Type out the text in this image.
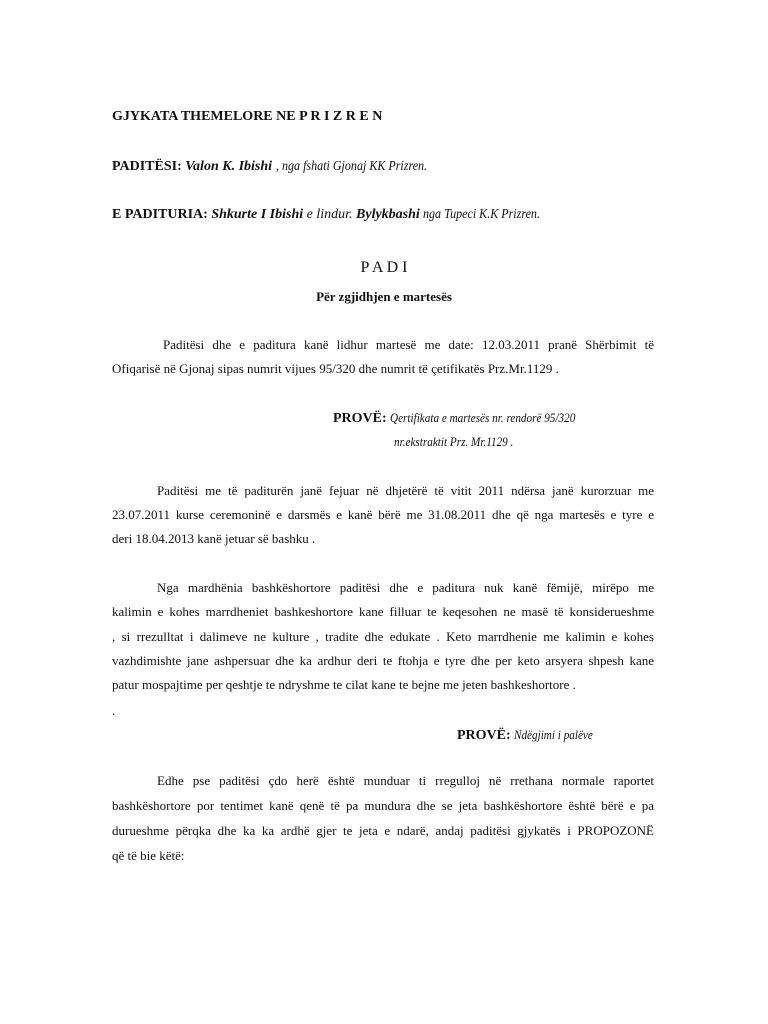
GJYKATA THEMELORE NE P R I Z R E N
PADITËSI: Valon K. Ibishi , nga fshati Gjonaj KK Prizren.
E PADITURIA: Shkurte I Ibishi e lindur. Bylykbashi nga Tupeci K.K Prizren.
P A D I
Për zgjidhjen e martesës
Paditësi dhe e paditura kanë lidhur martesë me date: 12.03.2011 pranë Shërbimit të
Ofiqarisë në Gjonaj sipas numrit vijues 95/320 dhe numrit të çetifikatës Prz.Mr.1129 .
PROVË: Qertifikata e martesës nr. rendorë 95/320
nr.ekstraktit Prz. Mr.1129 .
Paditësi me të paditurën janë fejuar në dhjetërë të vitit 2011 ndërsa janë kurorzuar me
23.07.2011 kurse ceremoninë e darsmës e kanë bërë me 31.08.2011 dhe që nga martesës e tyre e
deri 18.04.2013 kanë jetuar së bashku .
Nga mardhënia bashkëshortore paditësi dhe e paditura nuk kanë fëmijë, mirëpo me
kalimin e kohes marrdheniet bashkeshortore kane filluar te keqesohen ne masë të konsiderueshme
, si rrezulltat i dalimeve ne kulture , tradite dhe edukate . Keto marrdhenie me kalimin e kohes
vazhdimishte jane ashpersuar dhe ka ardhur deri te ftohja e tyre dhe per keto arsyera shpesh kane
patur mospajtime per qeshtje te ndryshme te cilat kane te bejne me jeten bashkeshortore .
.
PROVË: Ndëgjimi i palëve
Edhe pse paditësi çdo herë është munduar ti rregulloj në rrethana normale raportet
bashkëshortore por tentimet kanë qenë të pa mundura dhe se jeta bashkëshortore është bërë e pa
durueshme përqka dhe ka ka ardhë gjer te jeta e ndarë, andaj paditësi gjykatës i PROPOZONË
që të bie këtë:
